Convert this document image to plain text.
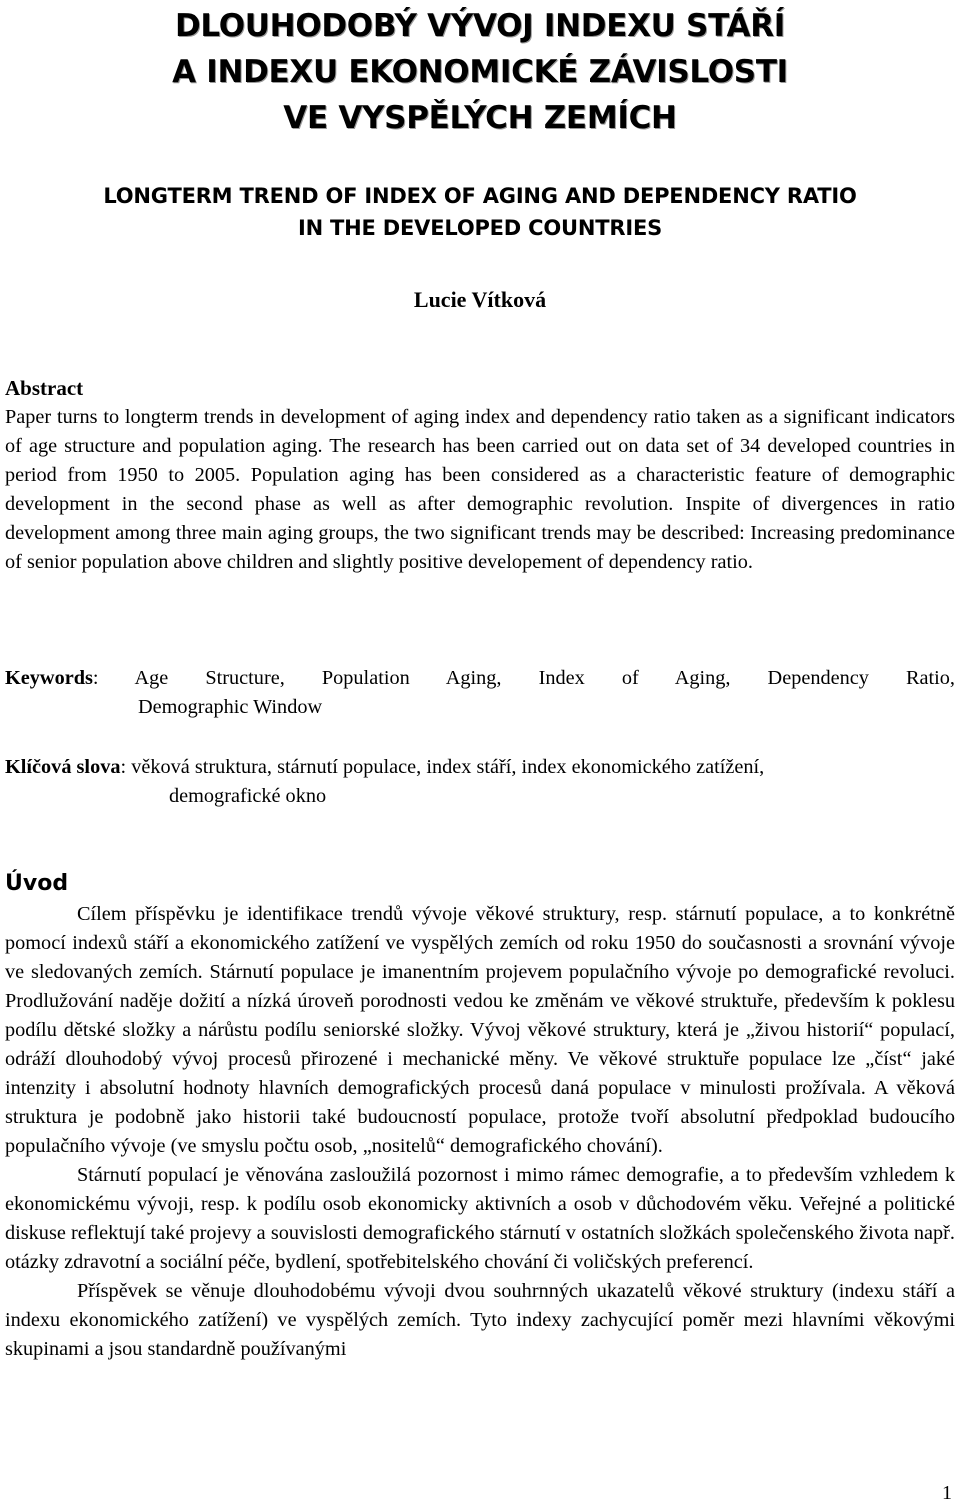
DLOUHODOBÝ VÝVOJ INDEXU STÁŘÍ

A INDEXU EKONOMICKÉ ZÁVISLOSTI

VE VYSPĚLÝCH ZEMÍCH

LONGTERM TREND OF INDEX OF AGING AND DEPENDENCY RATIO

IN THE DEVELOPED COUNTRIES

Lucie Vítková

Abstract

Paper turns to longterm trends in development of aging index and dependency ratio taken as a significant indicators of age structure and population aging. The research has been carried out on data set of 34 developed countries in period from 1950 to 2005. Population aging has been considered as a characteristic feature of demographic development in the second phase as well as after demographic revolution. Inspite of divergences in ratio development among three main aging groups, the two significant trends may be described: Increasing predominance of senior population above children and slightly positive developement of dependency ratio.

Keywords: Age Structure, Population Aging, Index of Aging, Dependency Ratio,

Demographic Window

Klíčová slova: věková struktura, stárnutí populace, index stáří, index ekonomického zatížení,

demografické okno

Úvod

Cílem příspěvku je identifikace trendů vývoje věkové struktury, resp. stárnutí populace, a to konkrétně pomocí indexů stáří a ekonomického zatížení ve vyspělých zemích od roku 1950 do současnosti a srovnání vývoje ve sledovaných zemích. Stárnutí populace je imanentním projevem populačního vývoje po demografické revoluci. Prodlužování naděje dožití a nízká úroveň porodnosti vedou ke změnám ve věkové struktuře, především k poklesu podílu dětské složky a nárůstu podílu seniorské složky. Vývoj věkové struktury, která je „živou historií“ populací, odráží dlouhodobý vývoj procesů přirozené i mechanické měny. Ve věkové struktuře populace lze „číst“ jaké intenzity i absolutní hodnoty hlavních demografických procesů daná populace v minulosti prožívala. A věková struktura je podobně jako historii také budoucností populace, protože tvoří absolutní předpoklad budoucího populačního vývoje (ve smyslu počtu osob, „nositelů“ demografického chování).

Stárnutí populací je věnována zasloužilá pozornost i mimo rámec demografie, a to především vzhledem k ekonomickému vývoji, resp. k podílu osob ekonomicky aktivních a osob v důchodovém věku. Veřejné a politické diskuse reflektují také projevy a souvislosti demografického stárnutí v ostatních složkách společenského života např. otázky zdravotní a sociální péče, bydlení, spotřebitelského chování či voličských preferencí.

Příspěvek se věnuje dlouhodobému vývoji dvou souhrnných ukazatelů věkové struktury (indexu stáří a indexu ekonomického zatížení) ve vyspělých zemích. Tyto indexy zachycující poměr mezi hlavními věkovými skupinami a jsou standardně používanými

1
